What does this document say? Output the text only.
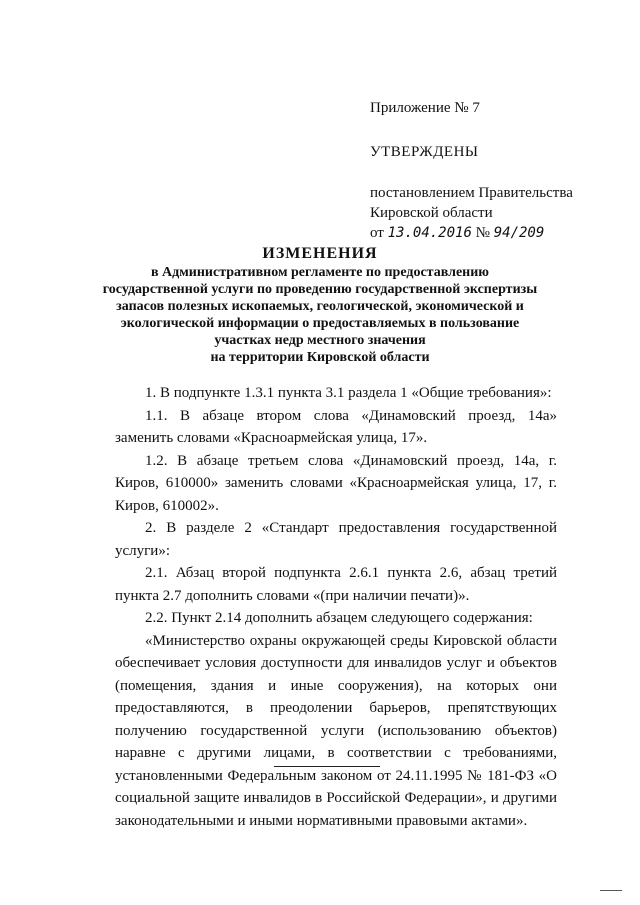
Приложение № 7
УТВЕРЖДЕНЫ
постановлением Правительства
Кировской области
от 13.04.2016 № 94/209
ИЗМЕНЕНИЯ
в Административном регламенте по предоставлению
государственной услуги по проведению государственной экспертизы
запасов полезных ископаемых, геологической, экономической и
экологической информации о предоставляемых в пользование
участках недр местного значения
на территории Кировской области

1. В подпункте 1.3.1 пункта 3.1 раздела 1 «Общие требования»:

1.1. В абзаце втором слова «Динамовский проезд, 14а» заменить словами «Красноармейская улица, 17».

1.2. В абзаце третьем слова «Динамовский проезд, 14а, г. Киров, 610000» заменить словами «Красноармейская улица, 17, г. Киров, 610002».

2. В разделе 2 «Стандарт предоставления государственной услуги»:

2.1. Абзац второй подпункта 2.6.1 пункта 2.6, абзац третий пункта 2.7 дополнить словами «(при наличии печати)».

2.2. Пункт 2.14 дополнить абзацем следующего содержания:

«Министерство охраны окружающей среды Кировской области обеспечивает условия доступности для инвалидов услуг и объектов (помещения, здания и иные сооружения), на которых они предоставляются, в преодолении барьеров, препятствующих получению государственной услуги (использованию объектов) наравне с другими лицами, в соответствии с требованиями, установленными Федеральным законом от 24.11.1995 № 181-ФЗ «О социальной защите инвалидов в Российской Федерации», и другими законодательными и иными нормативными правовыми актами».
